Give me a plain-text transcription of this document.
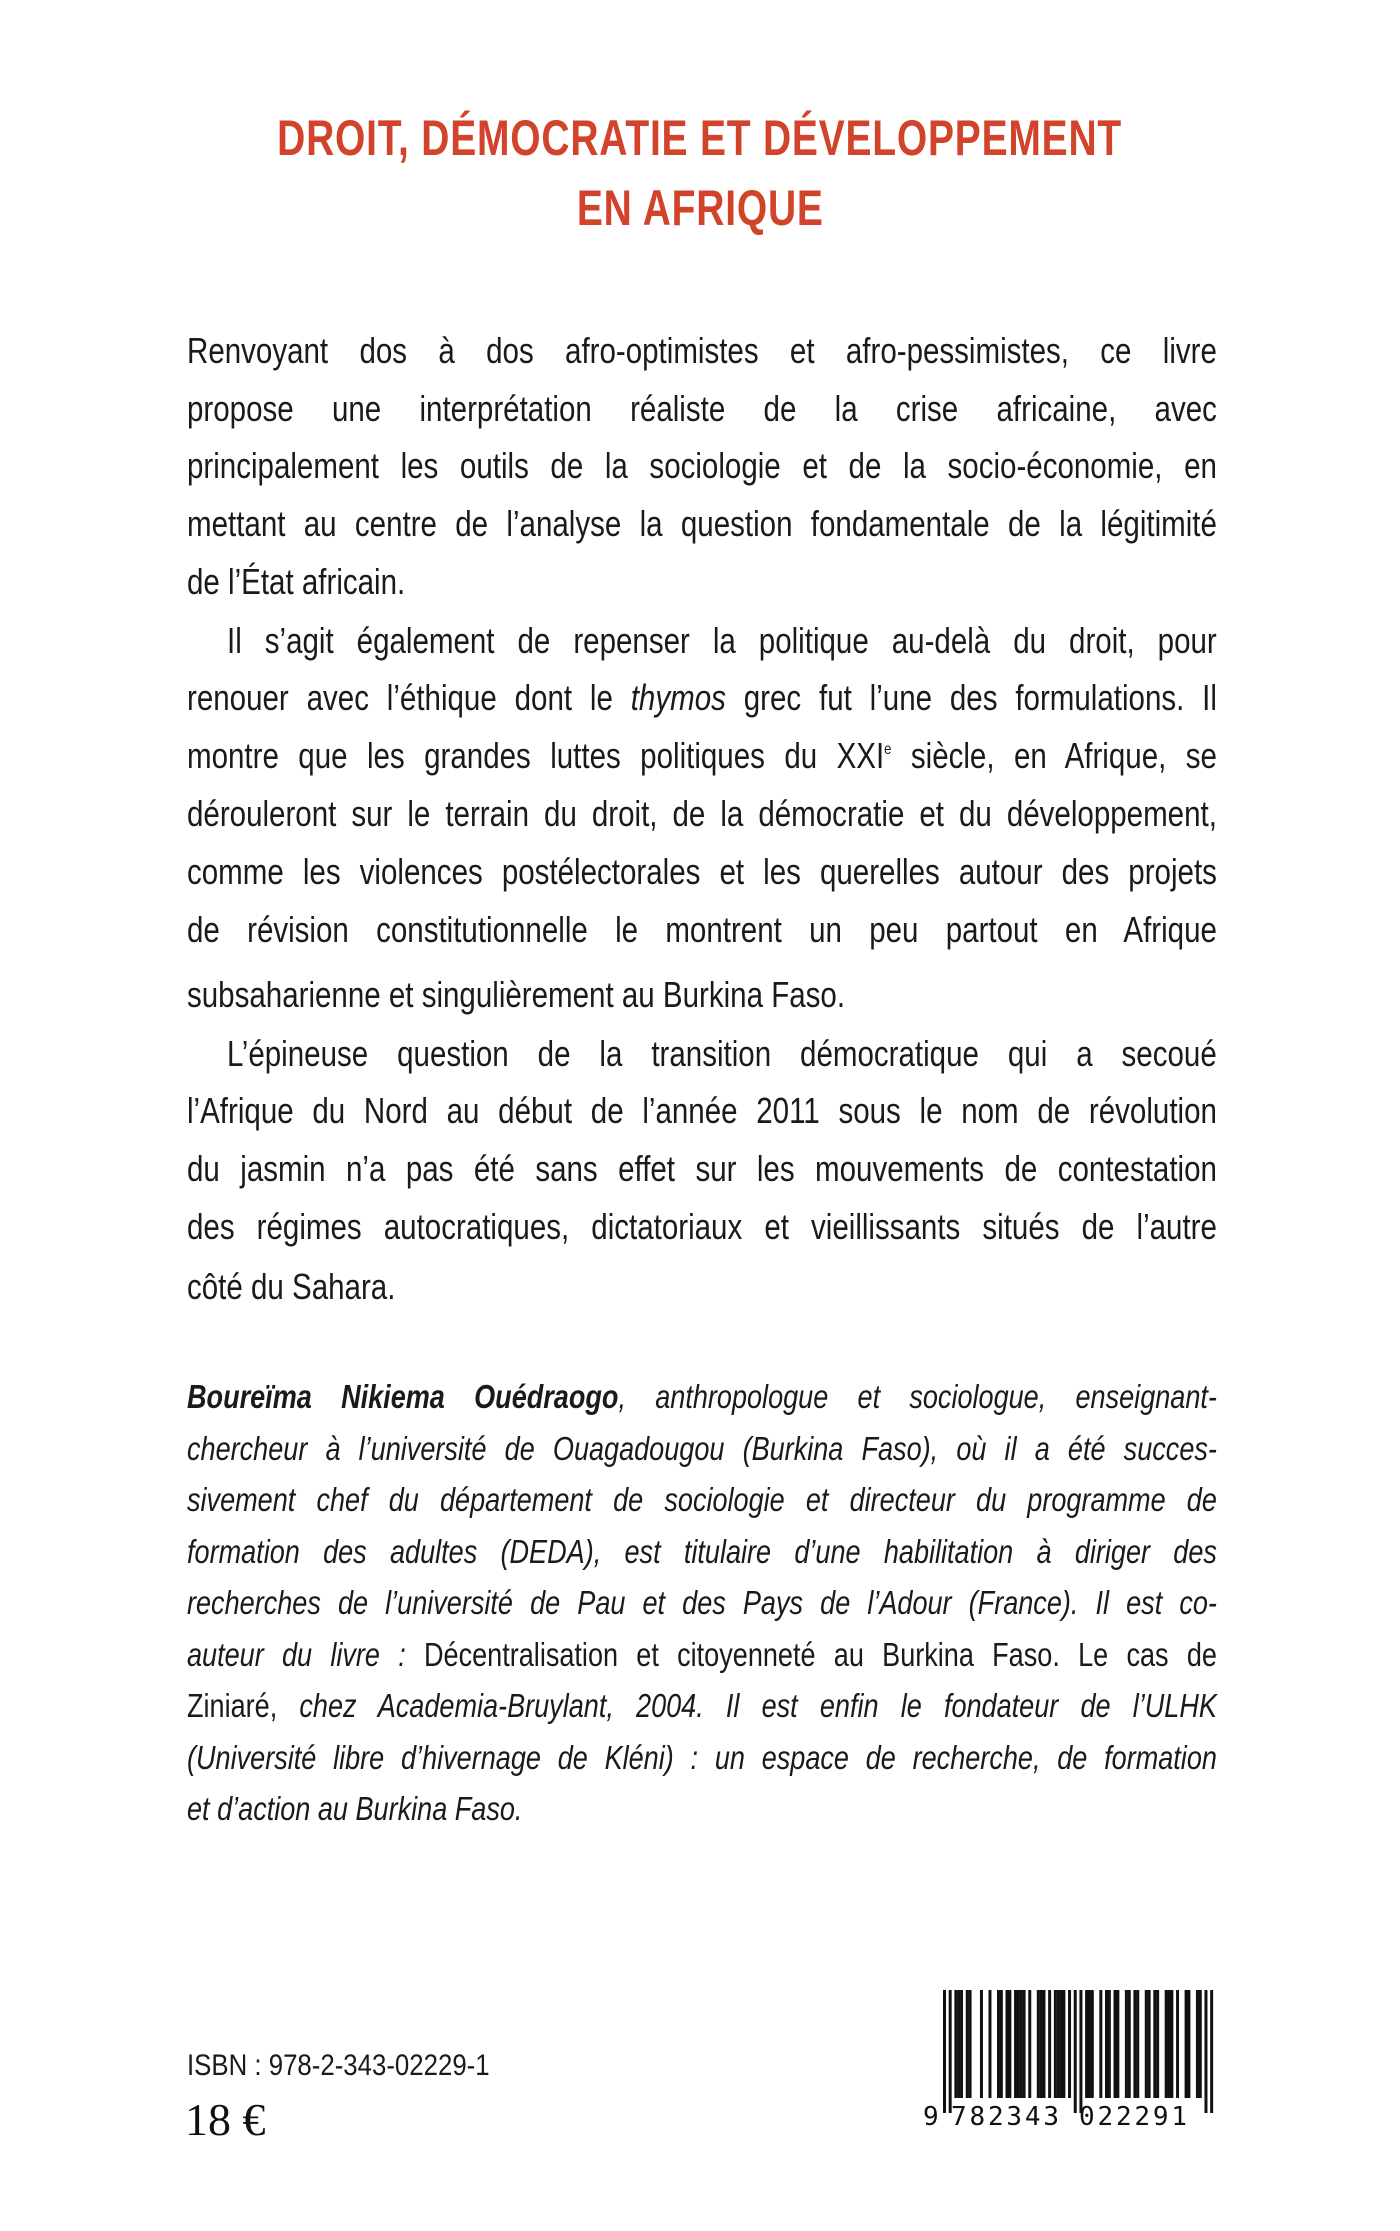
DROIT, DÉMOCRATIE ET DÉVELOPPEMENT
EN AFRIQUE
Renvoyant dos à dos afro-optimistes et afro-pessimistes, ce livre
propose une interprétation réaliste de la crise africaine, avec
principalement les outils de la sociologie et de la socio-économie, en
mettant au centre de l’analyse la question fondamentale de la légitimité
de l’État africain.
Il s’agit également de repenser la politique au-delà du droit, pour
renouer avec l’éthique dont le thymos grec fut l’une des formulations. Il
montre que les grandes luttes politiques du XXIe siècle, en Afrique, se
dérouleront sur le terrain du droit, de la démocratie et du développement,
comme les violences postélectorales et les querelles autour des projets
de révision constitutionnelle le montrent un peu partout en Afrique
subsaharienne et singulièrement au Burkina Faso.
L’épineuse question de la transition démocratique qui a secoué
l’Afrique du Nord au début de l’année 2011 sous le nom de révolution
du jasmin n’a pas été sans effet sur les mouvements de contestation
des régimes autocratiques, dictatoriaux et vieillissants situés de l’autre
côté du Sahara.
Boureïma Nikiema Ouédraogo, anthropologue et sociologue, enseignant-
chercheur à l’université de Ouagadougou (Burkina Faso), où il a été succes-
sivement chef du département de sociologie et directeur du programme de
formation des adultes (DEDA), est titulaire d’une habilitation à diriger des
recherches de l’université de Pau et des Pays de l’Adour (France). Il est co-
auteur du livre : Décentralisation et citoyenneté au Burkina Faso. Le cas de
Ziniaré, chez Academia-Bruylant, 2004. Il est enfin le fondateur de l’ULHK
(Université libre d’hivernage de Kléni) : un espace de recherche, de formation
et d’action au Burkina Faso.
ISBN : 978-2-343-02229-1
18 €	9 782343 022291
